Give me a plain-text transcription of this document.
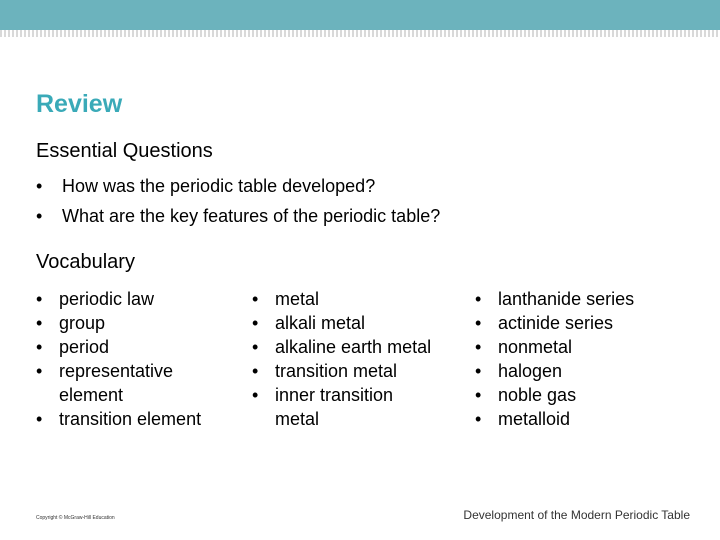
Review
Essential Questions
• How was the periodic table developed?
• What are the key features of the periodic table?
Vocabulary
• periodic law
• group
• period
• representative element
• transition element
• metal
• alkali metal
• alkaline earth metal
• transition metal
• inner transition metal
• lanthanide series
• actinide series
• nonmetal
• halogen
• noble gas
• metalloid
Copyright © McGraw-Hill Education	Development of the Modern Periodic Table
